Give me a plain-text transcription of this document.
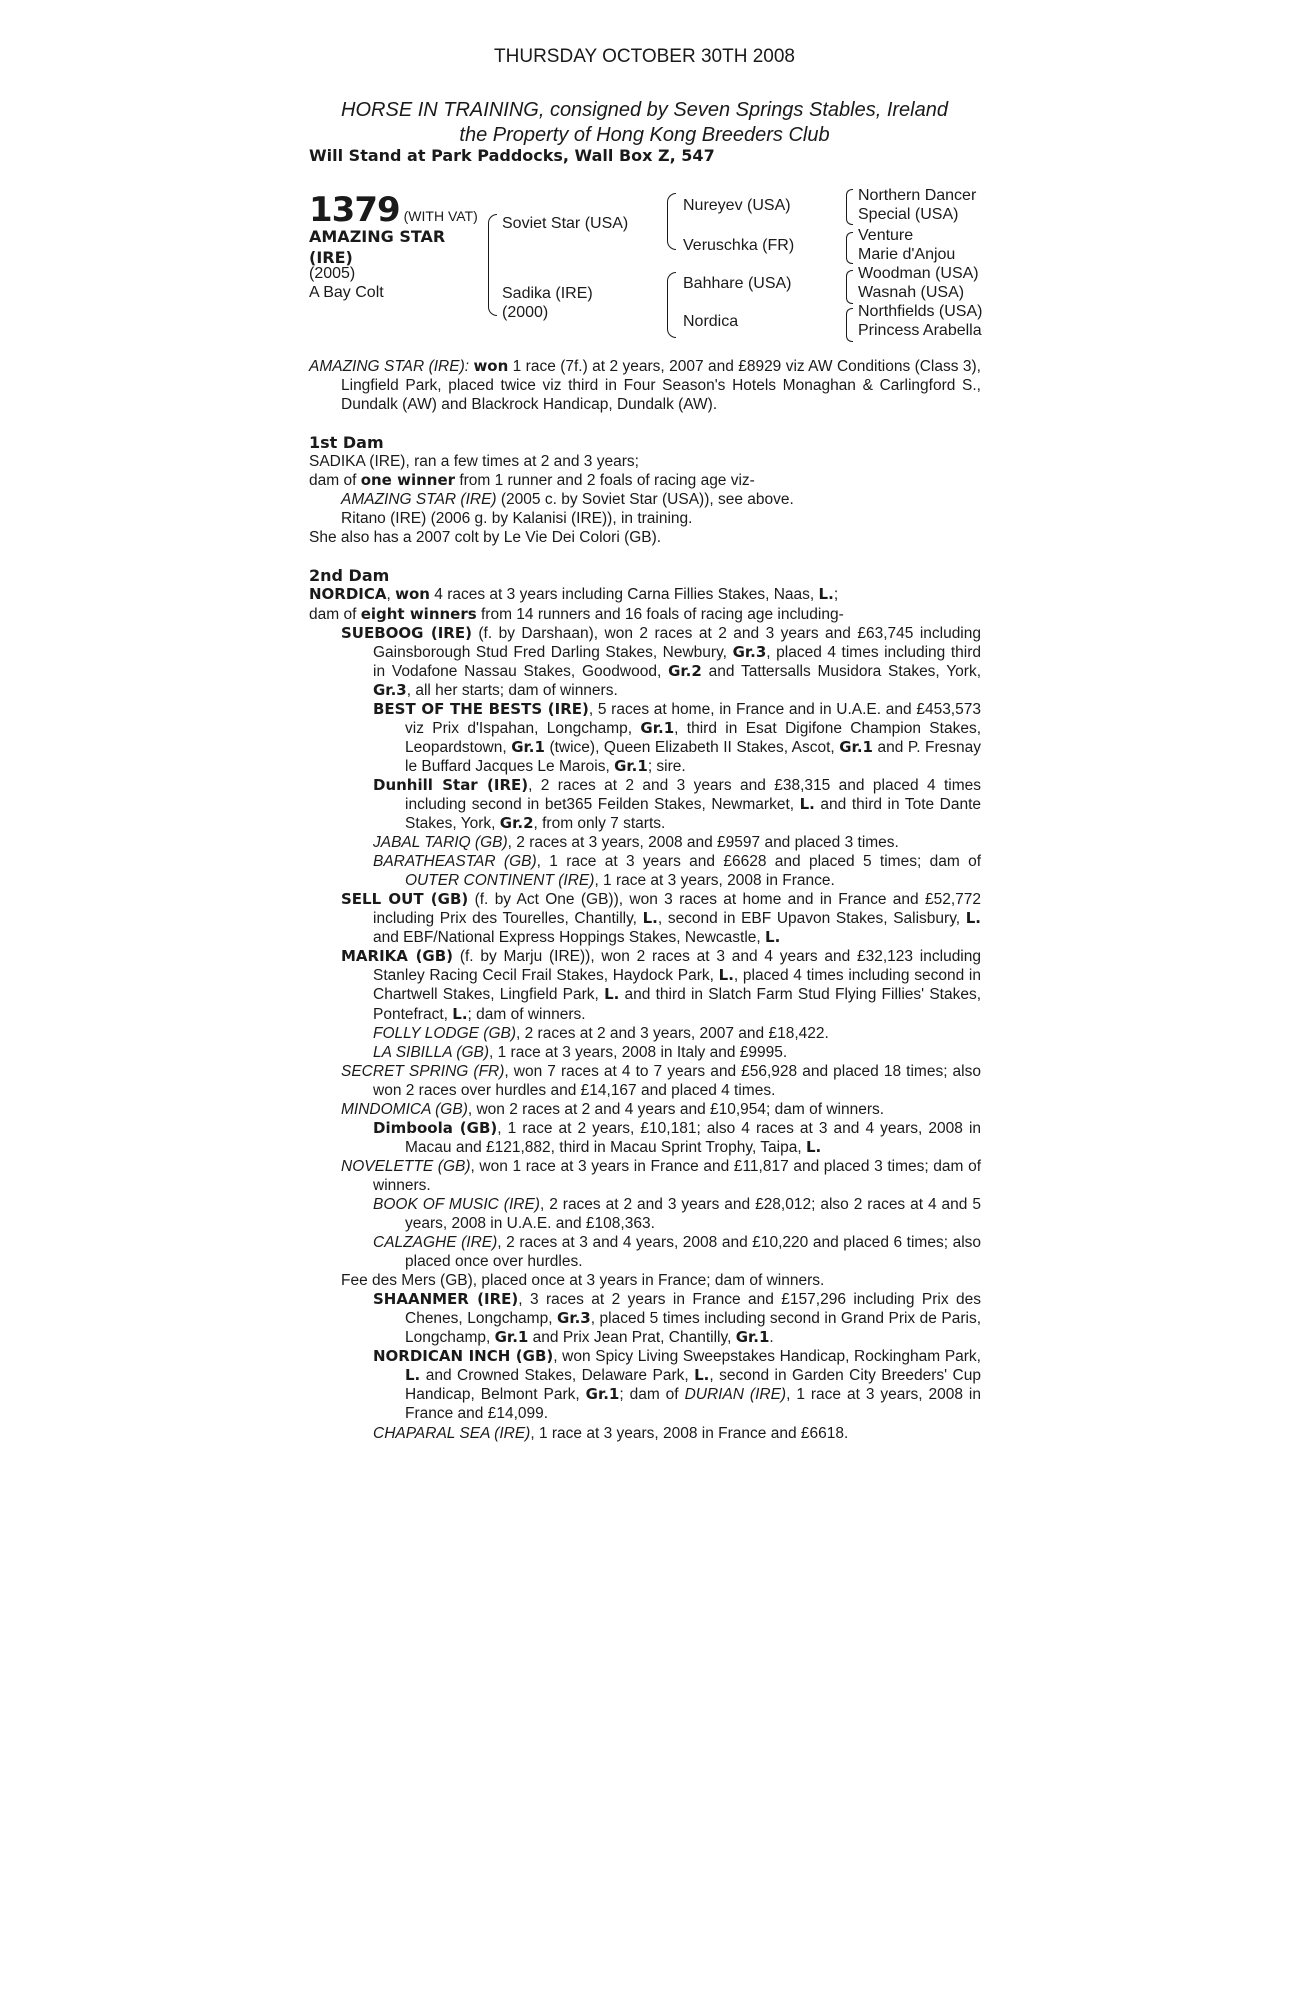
THURSDAY OCTOBER 30TH 2008
HORSE IN TRAINING, consigned by Seven Springs Stables, Ireland
the Property of Hong Kong Breeders Club
Will Stand at Park Paddocks, Wall Box Z, 547
1379 (WITH VAT)
AMAZING STAR
(IRE)
(2005)
A Bay Colt
Soviet Star (USA)
Sadika (IRE)
(2000)
Nureyev (USA)
Veruschka (FR)
Bahhare (USA)
Nordica
Northern Dancer
Special (USA)
Venture
Marie d'Anjou
Woodman (USA)
Wasnah (USA)
Northfields (USA)
Princess Arabella

AMAZING STAR (IRE): won 1 race (7f.) at 2 years, 2007 and £8929 viz AW Conditions (Class 3), Lingfield Park, placed twice viz third in Four Season's Hotels Monaghan & Carlingford S., Dundalk (AW) and Blackrock Handicap, Dundalk (AW).

1st Dam

SADIKA (IRE), ran a few times at 2 and 3 years;

dam of one winner from 1 runner and 2 foals of racing age viz-

AMAZING STAR (IRE) (2005 c. by Soviet Star (USA)), see above.

Ritano (IRE) (2006 g. by Kalanisi (IRE)), in training.

She also has a 2007 colt by Le Vie Dei Colori (GB).

2nd Dam

NORDICA, won 4 races at 3 years including Carna Fillies Stakes, Naas, L.;

dam of eight winners from 14 runners and 16 foals of racing age including-

SUEBOOG (IRE) (f. by Darshaan), won 2 races at 2 and 3 years and £63,745 including Gainsborough Stud Fred Darling Stakes, Newbury, Gr.3, placed 4 times including third in Vodafone Nassau Stakes, Goodwood, Gr.2 and Tattersalls Musidora Stakes, York, Gr.3, all her starts; dam of winners.

BEST OF THE BESTS (IRE), 5 races at home, in France and in U.A.E. and £453,573 viz Prix d'Ispahan, Longchamp, Gr.1, third in Esat Digifone Champion Stakes, Leopardstown, Gr.1 (twice), Queen Elizabeth II Stakes, Ascot, Gr.1 and P. Fresnay le Buffard Jacques Le Marois, Gr.1; sire.

Dunhill Star (IRE), 2 races at 2 and 3 years and £38,315 and placed 4 times including second in bet365 Feilden Stakes, Newmarket, L. and third in Tote Dante Stakes, York, Gr.2, from only 7 starts.

JABAL TARIQ (GB), 2 races at 3 years, 2008 and £9597 and placed 3 times.

BARATHEASTAR (GB), 1 race at 3 years and £6628 and placed 5 times; dam of OUTER CONTINENT (IRE), 1 race at 3 years, 2008 in France.

SELL OUT (GB) (f. by Act One (GB)), won 3 races at home and in France and £52,772 including Prix des Tourelles, Chantilly, L., second in EBF Upavon Stakes, Salisbury, L. and EBF/National Express Hoppings Stakes, Newcastle, L.

MARIKA (GB) (f. by Marju (IRE)), won 2 races at 3 and 4 years and £32,123 including Stanley Racing Cecil Frail Stakes, Haydock Park, L., placed 4 times including second in Chartwell Stakes, Lingfield Park, L. and third in Slatch Farm Stud Flying Fillies' Stakes, Pontefract, L.; dam of winners.

FOLLY LODGE (GB), 2 races at 2 and 3 years, 2007 and £18,422.

LA SIBILLA (GB), 1 race at 3 years, 2008 in Italy and £9995.

SECRET SPRING (FR), won 7 races at 4 to 7 years and £56,928 and placed 18 times; also won 2 races over hurdles and £14,167 and placed 4 times.

MINDOMICA (GB), won 2 races at 2 and 4 years and £10,954; dam of winners.

Dimboola (GB), 1 race at 2 years, £10,181; also 4 races at 3 and 4 years, 2008 in Macau and £121,882, third in Macau Sprint Trophy, Taipa, L.

NOVELETTE (GB), won 1 race at 3 years in France and £11,817 and placed 3 times; dam of winners.

BOOK OF MUSIC (IRE), 2 races at 2 and 3 years and £28,012; also 2 races at 4 and 5 years, 2008 in U.A.E. and £108,363.

CALZAGHE (IRE), 2 races at 3 and 4 years, 2008 and £10,220 and placed 6 times; also placed once over hurdles.

Fee des Mers (GB), placed once at 3 years in France; dam of winners.

SHAANMER (IRE), 3 races at 2 years in France and £157,296 including Prix des Chenes, Longchamp, Gr.3, placed 5 times including second in Grand Prix de Paris, Longchamp, Gr.1 and Prix Jean Prat, Chantilly, Gr.1.

NORDICAN INCH (GB), won Spicy Living Sweepstakes Handicap, Rockingham Park, L. and Crowned Stakes, Delaware Park, L., second in Garden City Breeders' Cup Handicap, Belmont Park, Gr.1; dam of DURIAN (IRE), 1 race at 3 years, 2008 in France and £14,099.

CHAPARAL SEA (IRE), 1 race at 3 years, 2008 in France and £6618.
